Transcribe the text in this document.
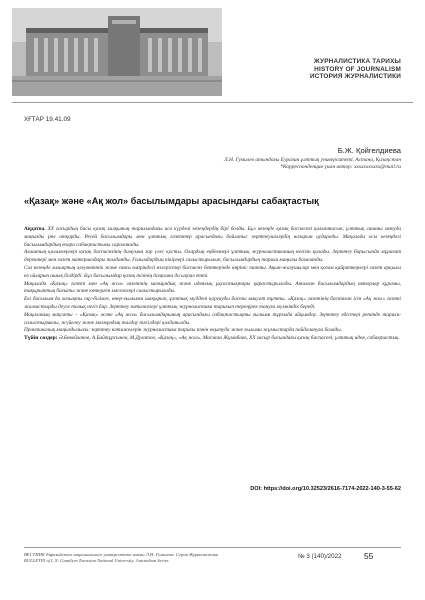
ЖУРНАЛИСТИКА ТАРИХЫ
HISTORY OF JOURNALISM
ИСТОРИЯ ЖУРНАЛИСТИКИ
ХҒТАР 19.41.09
Б.Ж. Қойгелдиева
Л.Н. Гумилев атындағы Еуразия ұлттық университеті, Астана, Қазақстан
*Корреспонденция үшін автор: xxxxxxxxxxx@mail.ru
«Қазақ» және «Ақ жол» басылымдары арасындағы сабақтастық

Аңдатпа. ХХ ғасырдың басы қазақ халқының тарихындағы аса күрделі кезеңдердің бірі болды. Бұл кезеңде қазақ баспасөзі қалыптасып, ұлттық сананы оятуда маңызды рөл атқарды. Ресей басылымдары мен ұлттық газеттер арасындағы байланыс зерттеушілердің назарын аударады. Мақалада осы кезеңдегі басылымдардың өзара сабақтастығы сараланады.

Алаштың қаламгерлері қазақ баспасөзінің дамуына зор үлес қосты. Олардың еңбектері ұлттық журналистиканың негізін қалады. Зерттеу барысында мұрағат деректері мен газет материалдары талданды. Ғалымдардың пікірлері салыстырылып, басылымдардың тарихи маңызы бағаланды.

Сол кезеңде халықтың әлеуметтік және саяси өміріндегі өзгерістер баспасөз беттерінде көрініс тапты. Ақын-жазушылар мен қоғам қайраткерлері газет арқылы өз ойларын ашық білдірді. Бұл басылымдар қазақ тілінің дамуына да ықпал етті.

Мақалада «Қазақ» газеті мен «Ақ жол» газетінің мазмұндық және идеялық ұқсастықтары қарастырылады. Аталған басылымдардың авторлар құрамы, тақырыптық бағыты және көтерген мәселелері салыстырылады.

Екі басылым да халықты оқу-білімге, өнер-ғылымға шақырып, ұлттық мүддені қорғауды басты мақсат тұтты. «Қазақ» газетінің бастаған ісін «Ақ жол» газеті жалғастырды деуге толық негіз бар. Зерттеу нәтижелері ұлттық журналистика тарихын тереңірек тануға мүмкіндік береді.

Мақаланың мақсаты – «Қазақ» және «Ақ жол» басылымдарының арасындағы сабақтастықты ғылыми тұрғыда айқындау. Зерттеу әдістері ретінде тарихи-салыстырмалы, жүйелеу және мазмұндық талдау тәсілдері қолданылды.

Практикалық маңыздылығы: зерттеу нәтижелерін журналистика тарихы пәнін оқытуда және ғылыми жұмыстарда пайдалануға болады.

Түйін сөздер: Ә.Бөкейханов, А.Байтұрсынов, М.Дулатов, «Қазақ», «Ақ жол», Мағжан Жұмабаев, ХХ ғасыр басындағы қазақ баспасөзі, ұлттық идея, сабақтастық.

DOI: https://doi.org/10.32523/2616-7174-2022-140-3-55-62
ВЕСТНИК Евразийского национального университета имени Л.Н. Гумилева. Серия Журналистика
BULLETIN of L.N. Gumilyov Eurasian National University. Journalism Series
№ 3 (140)/2022	55
